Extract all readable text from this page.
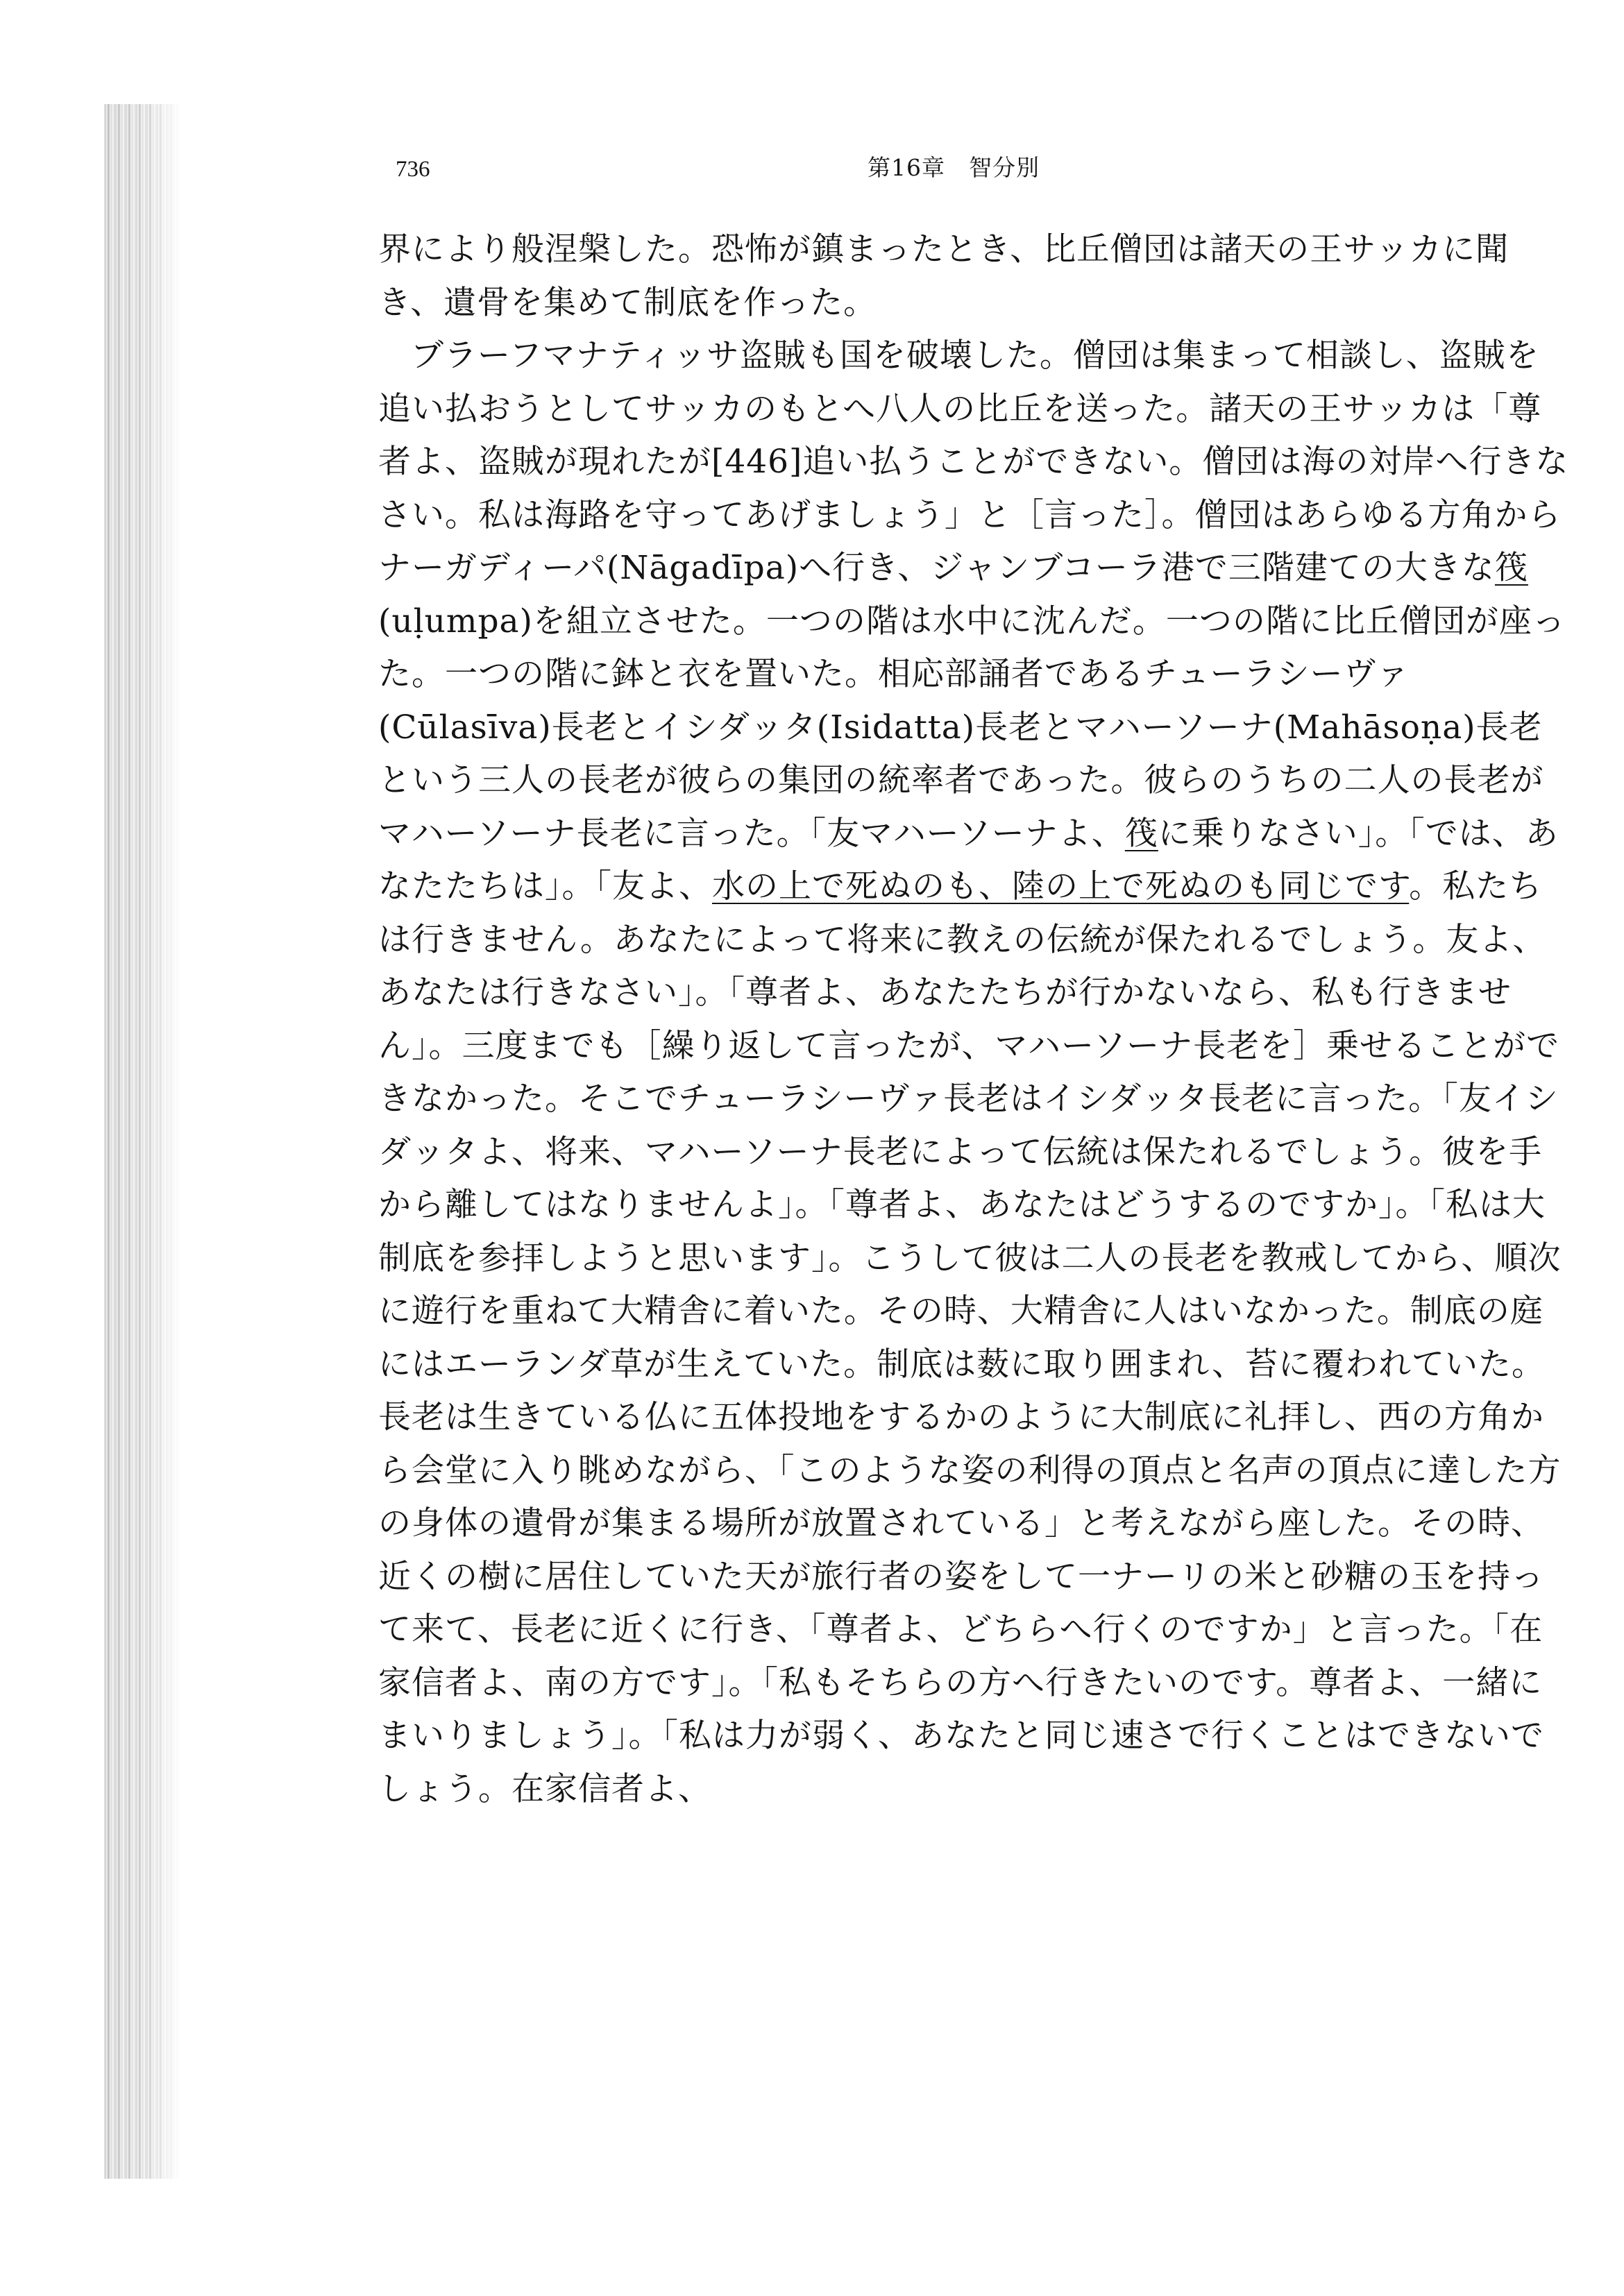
736	第16章　智分別

界により般涅槃した。恐怖が鎮まったとき、比丘僧団は諸天の王サッカに聞き、遺骨を集めて制底を作った。

ブラーフマナティッサ盗賊も国を破壊した。僧団は集まって相談し、盗賊を追い払おうとしてサッカのもとへ八人の比丘を送った。諸天の王サッカは「尊者よ、盗賊が現れたが[446]追い払うことができない。僧団は海の対岸へ行きなさい。私は海路を守ってあげましょう」と［言った］。僧団はあらゆる方角からナーガディーパ(Nāgadīpa)へ行き、ジャンブコーラ港で三階建ての大きな筏(uḷumpa)を組立させた。一つの階は水中に沈んだ。一つの階に比丘僧団が座った。一つの階に鉢と衣を置いた。相応部誦者であるチューラシーヴァ(Cūlasīva)長老とイシダッタ(Isidatta)長老とマハーソーナ(Mahāsoṇa)長老という三人の長老が彼らの集団の統率者であった。彼らのうちの二人の長老がマハーソーナ長老に言った。「友マハーソーナよ、筏に乗りなさい」。「では、あなたたちは」。「友よ、水の上で死ぬのも、陸の上で死ぬのも同じです。私たちは行きません。あなたによって将来に教えの伝統が保たれるでしょう。友よ、あなたは行きなさい」。「尊者よ、あなたたちが行かないなら、私も行きません」。三度までも［繰り返して言ったが、マハーソーナ長老を］乗せることができなかった。そこでチューラシーヴァ長老はイシダッタ長老に言った。「友イシダッタよ、将来、マハーソーナ長老によって伝統は保たれるでしょう。彼を手から離してはなりませんよ」。「尊者よ、あなたはどうするのですか」。「私は大制底を参拝しようと思います」。こうして彼は二人の長老を教戒してから、順次に遊行を重ねて大精舎に着いた。その時、大精舎に人はいなかった。制底の庭にはエーランダ草が生えていた。制底は薮に取り囲まれ、苔に覆われていた。長老は生きている仏に五体投地をするかのように大制底に礼拝し、西の方角から会堂に入り眺めながら、「このような姿の利得の頂点と名声の頂点に達した方の身体の遺骨が集まる場所が放置されている」と考えながら座した。その時、近くの樹に居住していた天が旅行者の姿をして一ナーリの米と砂糖の玉を持って来て、長老に近くに行き、「尊者よ、どちらへ行くのですか」と言った。「在家信者よ、南の方です」。「私もそちらの方へ行きたいのです。尊者よ、一緒にまいりましょう」。「私は力が弱く、あなたと同じ速さで行くことはできないでしょう。在家信者よ、
